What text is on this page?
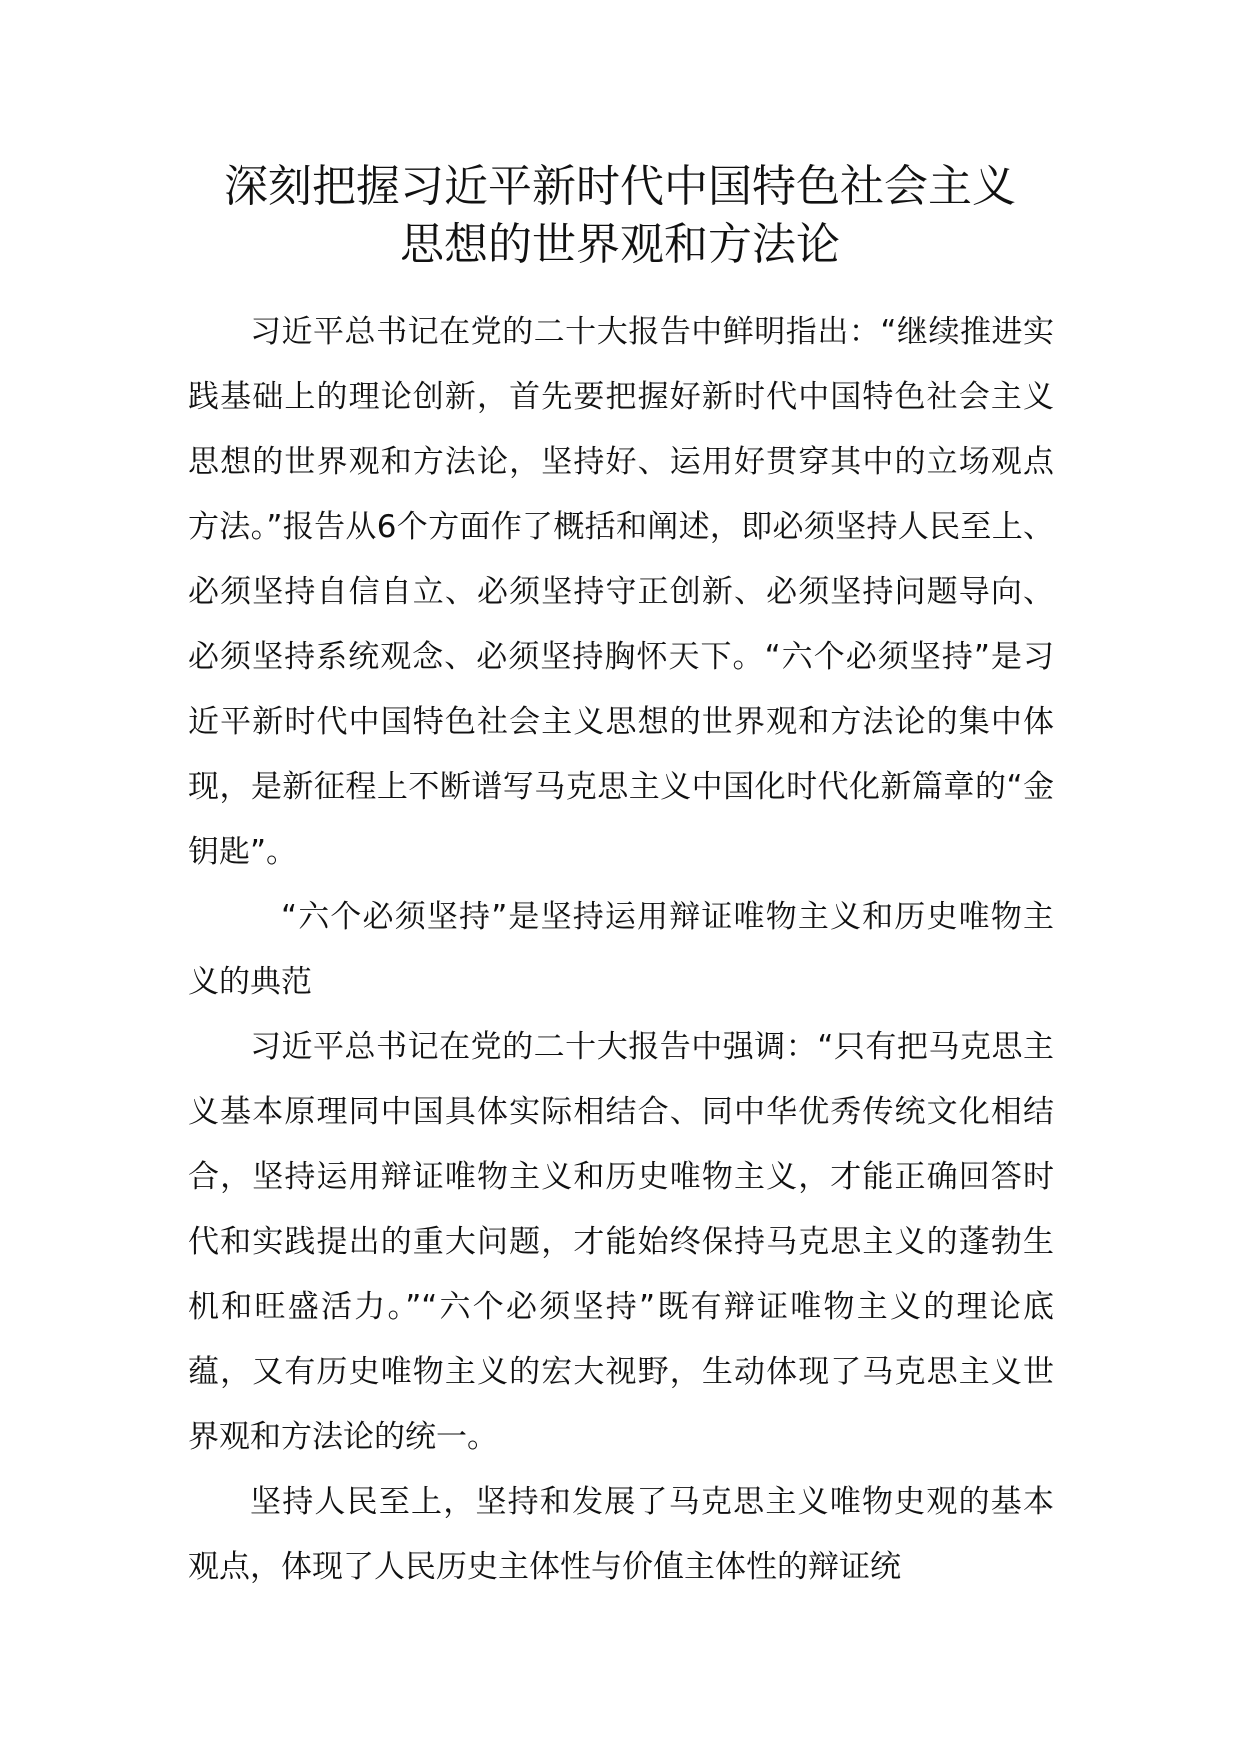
深刻把握习近平新时代中国特色社会主义
思想的世界观和方法论

习近平总书记在党的二十大报告中鲜明指出：“继续推进实践基础上的理论创新，首先要把握好新时代中国特色社会主义思想的世界观和方法论，坚持好、运用好贯穿其中的立场观点方法。”报告从6个方面作了概括和阐述，即必须坚持人民至上、必须坚持自信自立、必须坚持守正创新、必须坚持问题导向、必须坚持系统观念、必须坚持胸怀天下。“六个必须坚持”是习近平新时代中国特色社会主义思想的世界观和方法论的集中体现，是新征程上不断谱写马克思主义中国化时代化新篇章的“金钥匙”。

“六个必须坚持”是坚持运用辩证唯物主义和历史唯物主义的典范

习近平总书记在党的二十大报告中强调：“只有把马克思主义基本原理同中国具体实际相结合、同中华优秀传统文化相结合，坚持运用辩证唯物主义和历史唯物主义，才能正确回答时代和实践提出的重大问题，才能始终保持马克思主义的蓬勃生机和旺盛活力。”“六个必须坚持”既有辩证唯物主义的理论底蕴，又有历史唯物主义的宏大视野，生动体现了马克思主义世界观和方法论的统一。

坚持人民至上，坚持和发展了马克思主义唯物史观的基本观点，体现了人民历史主体性与价值主体性的辩证统
